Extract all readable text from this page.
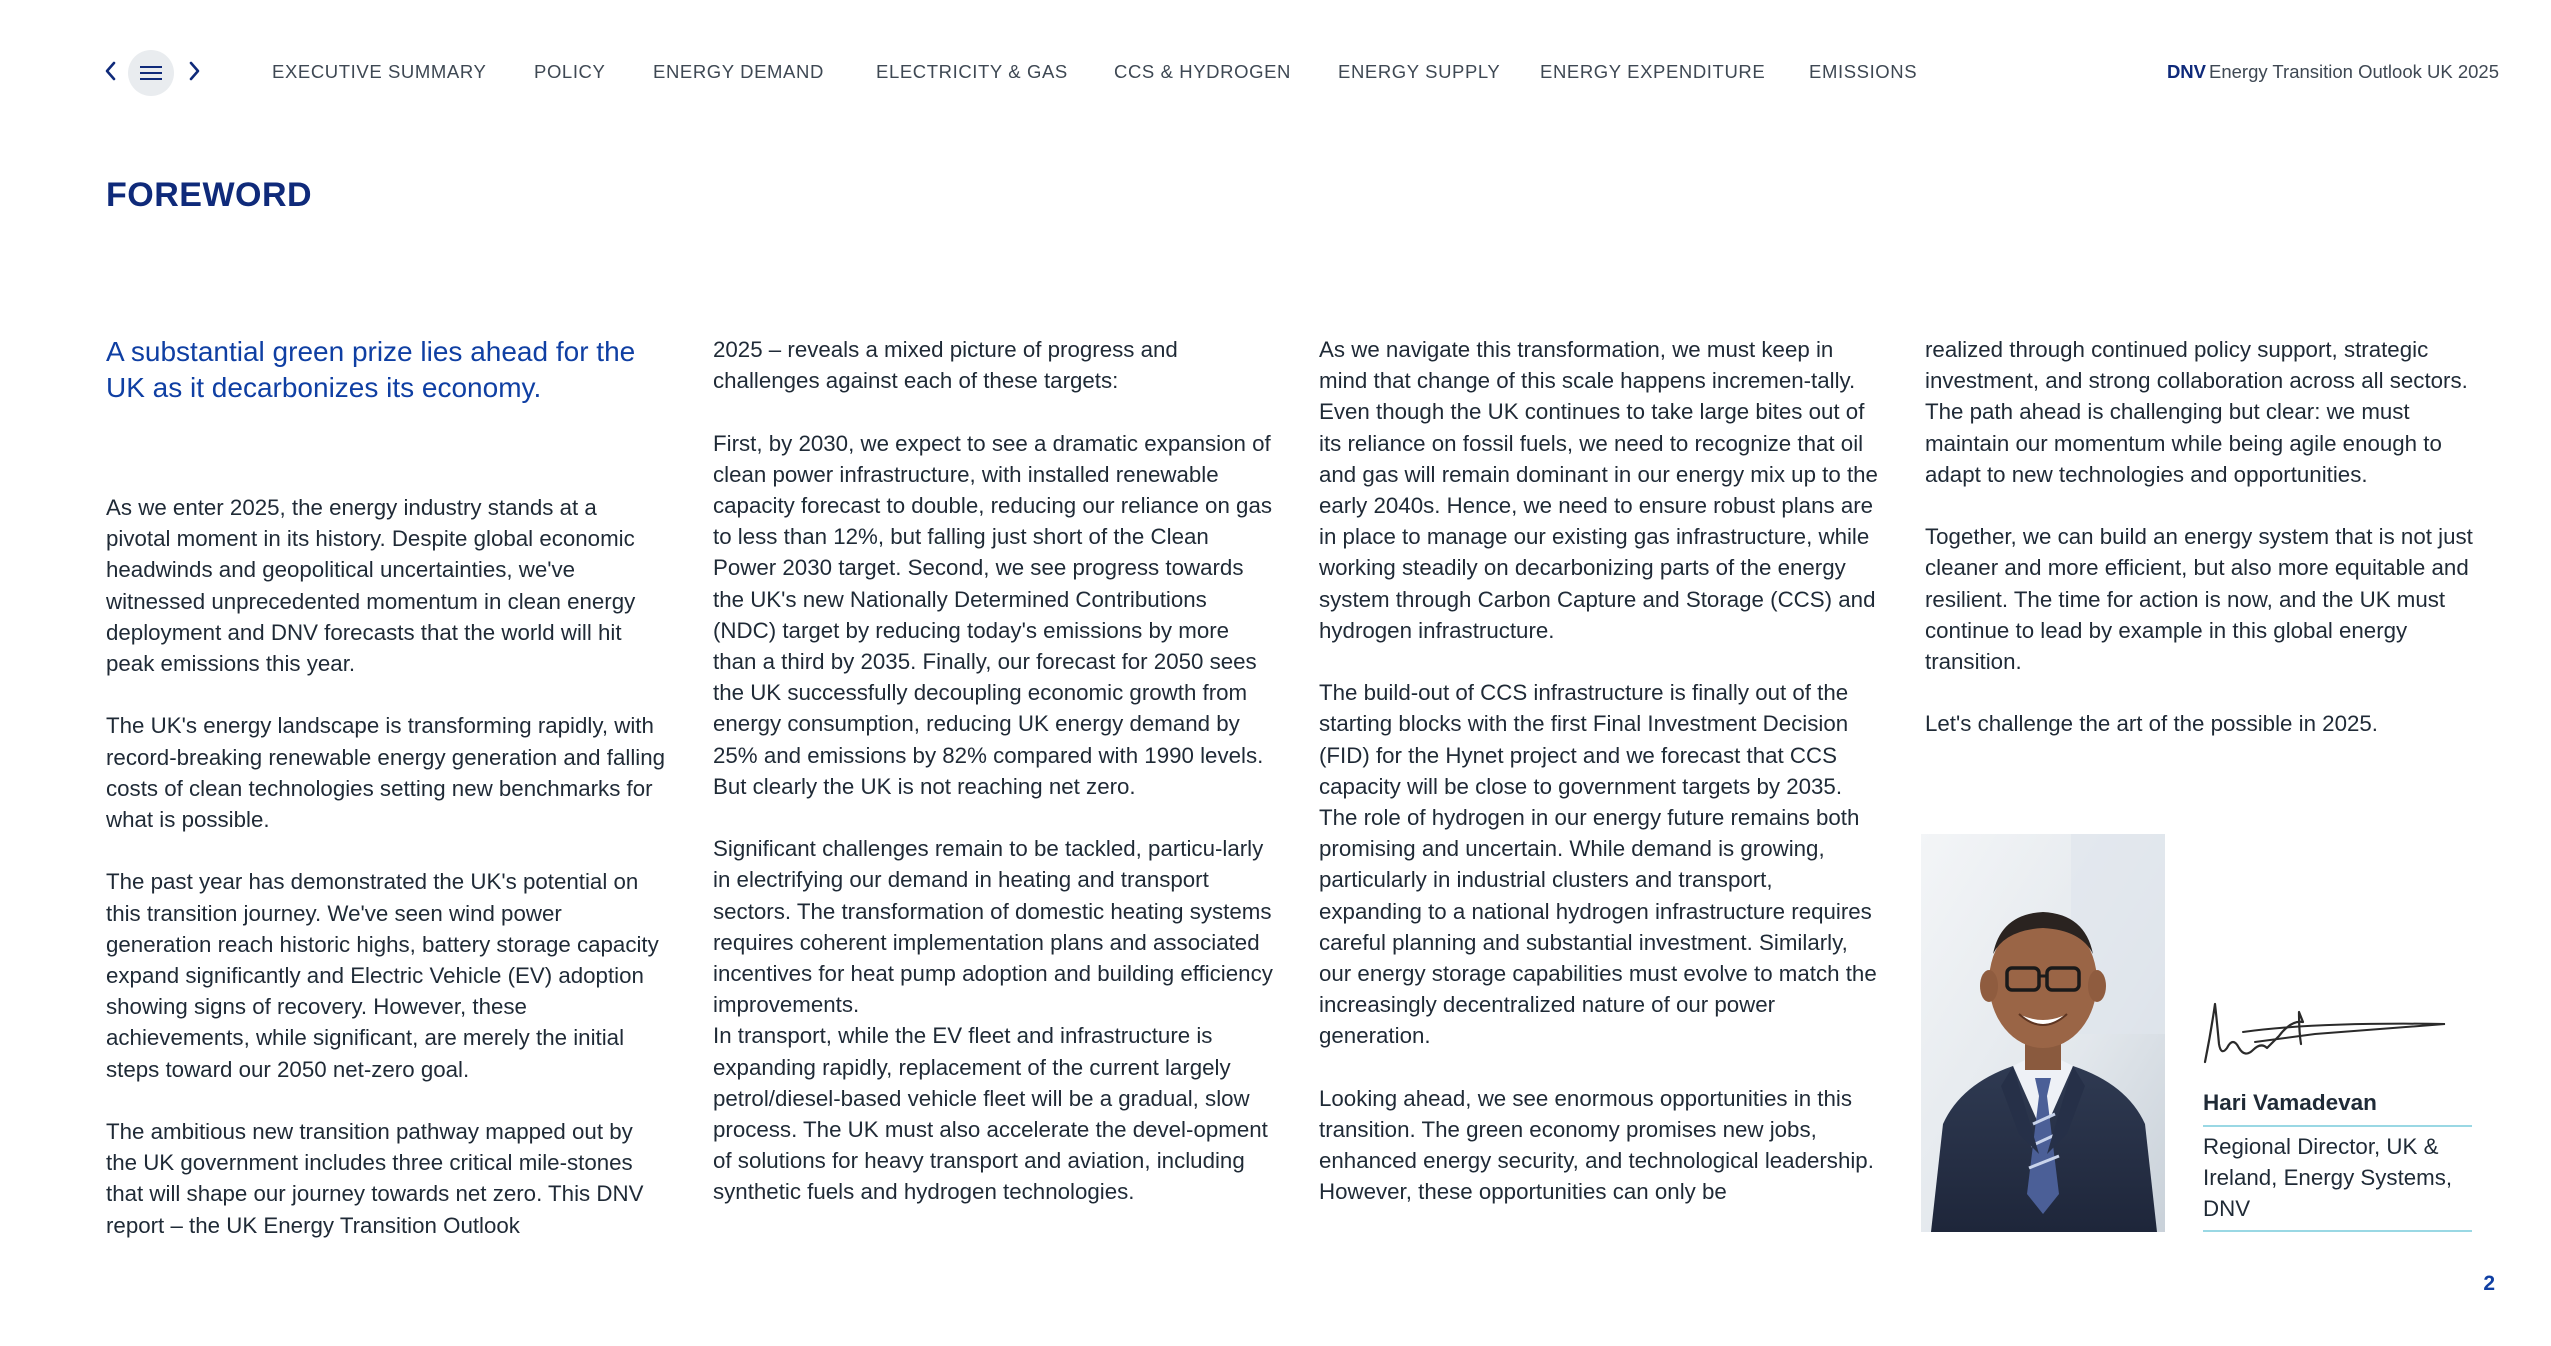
EXECUTIVE SUMMARY	POLICY	ENERGY DEMAND	ELECTRICITY & GAS CCS & HYDROGEN	ENERGY SUPPLY ENERGY EXPENDITURE EMISSIONS	DNV Energy Transition Outlook UK 2025
FOREWORD

A substantial green prize lies ahead for the UK as it decarbonizes its economy.

As we enter 2025, the energy industry stands at a pivotal moment in its history. Despite global economic headwinds and geopolitical uncertainties, we've witnessed unprecedented momentum in clean energy deployment and DNV forecasts that the world will hit peak emissions this year.

The UK's energy landscape is transforming rapidly, with record-breaking renewable energy generation and falling costs of clean technologies setting new benchmarks for what is possible.

The past year has demonstrated the UK's potential on this transition journey. We've seen wind power generation reach historic highs, battery storage capacity expand significantly and Electric Vehicle (EV) adoption showing signs of recovery. However, these achievements, while significant, are merely the initial steps toward our 2050 net-zero goal.

The ambitious new transition pathway mapped out by the UK government includes three critical mile-stones that will shape our journey towards net zero. This DNV report – the UK Energy Transition Outlook

2025 – reveals a mixed picture of progress and challenges against each of these targets:

First, by 2030, we expect to see a dramatic expansion of clean power infrastructure, with installed renewable capacity forecast to double, reducing our reliance on gas to less than 12%, but falling just short of the Clean Power 2030 target. Second, we see progress towards the UK's new Nationally Determined Contributions (NDC) target by reducing today's emissions by more than a third by 2035. Finally, our forecast for 2050 sees the UK successfully decoupling economic growth from energy consumption, reducing UK energy demand by 25% and emissions by 82% compared with 1990 levels. But clearly the UK is not reaching net zero.

Significant challenges remain to be tackled, particu-larly in electrifying our demand in heating and transport sectors. The transformation of domestic heating systems requires coherent implementation plans and associated incentives for heat pump adoption and building efficiency improvements.

In transport, while the EV fleet and infrastructure is expanding rapidly, replacement of the current largely petrol/diesel-based vehicle fleet will be a gradual, slow process. The UK must also accelerate the devel-opment of solutions for heavy transport and aviation, including synthetic fuels and hydrogen technologies.

As we navigate this transformation, we must keep in mind that change of this scale happens incremen-tally. Even though the UK continues to take large bites out of its reliance on fossil fuels, we need to recognize that oil and gas will remain dominant in our energy mix up to the early 2040s. Hence, we need to ensure robust plans are in place to manage our existing gas infrastructure, while working steadily on decarbonizing parts of the energy system through Carbon Capture and Storage (CCS) and hydrogen infrastructure.

The build-out of CCS infrastructure is finally out of the starting blocks with the first Final Investment Decision (FID) for the Hynet project and we forecast that CCS capacity will be close to government targets by 2035. The role of hydrogen in our energy future remains both promising and uncertain. While demand is growing, particularly in industrial clusters and transport, expanding to a national hydrogen infrastructure requires careful planning and substantial investment. Similarly, our energy storage capabilities must evolve to match the increasingly decentralized nature of our power generation.

Looking ahead, we see enormous opportunities in this transition. The green economy promises new jobs, enhanced energy security, and technological leadership. However, these opportunities can only be

realized through continued policy support, strategic investment, and strong collaboration across all sectors. The path ahead is challenging but clear: we must maintain our momentum while being agile enough to adapt to new technologies and opportunities.

Together, we can build an energy system that is not just cleaner and more efficient, but also more equitable and resilient. The time for action is now, and the UK must continue to lead by example in this global energy transition.

Let's challenge the art of the possible in 2025.

Hari Vamadevan
Regional Director, UK & Ireland, Energy Systems, DNV
2
